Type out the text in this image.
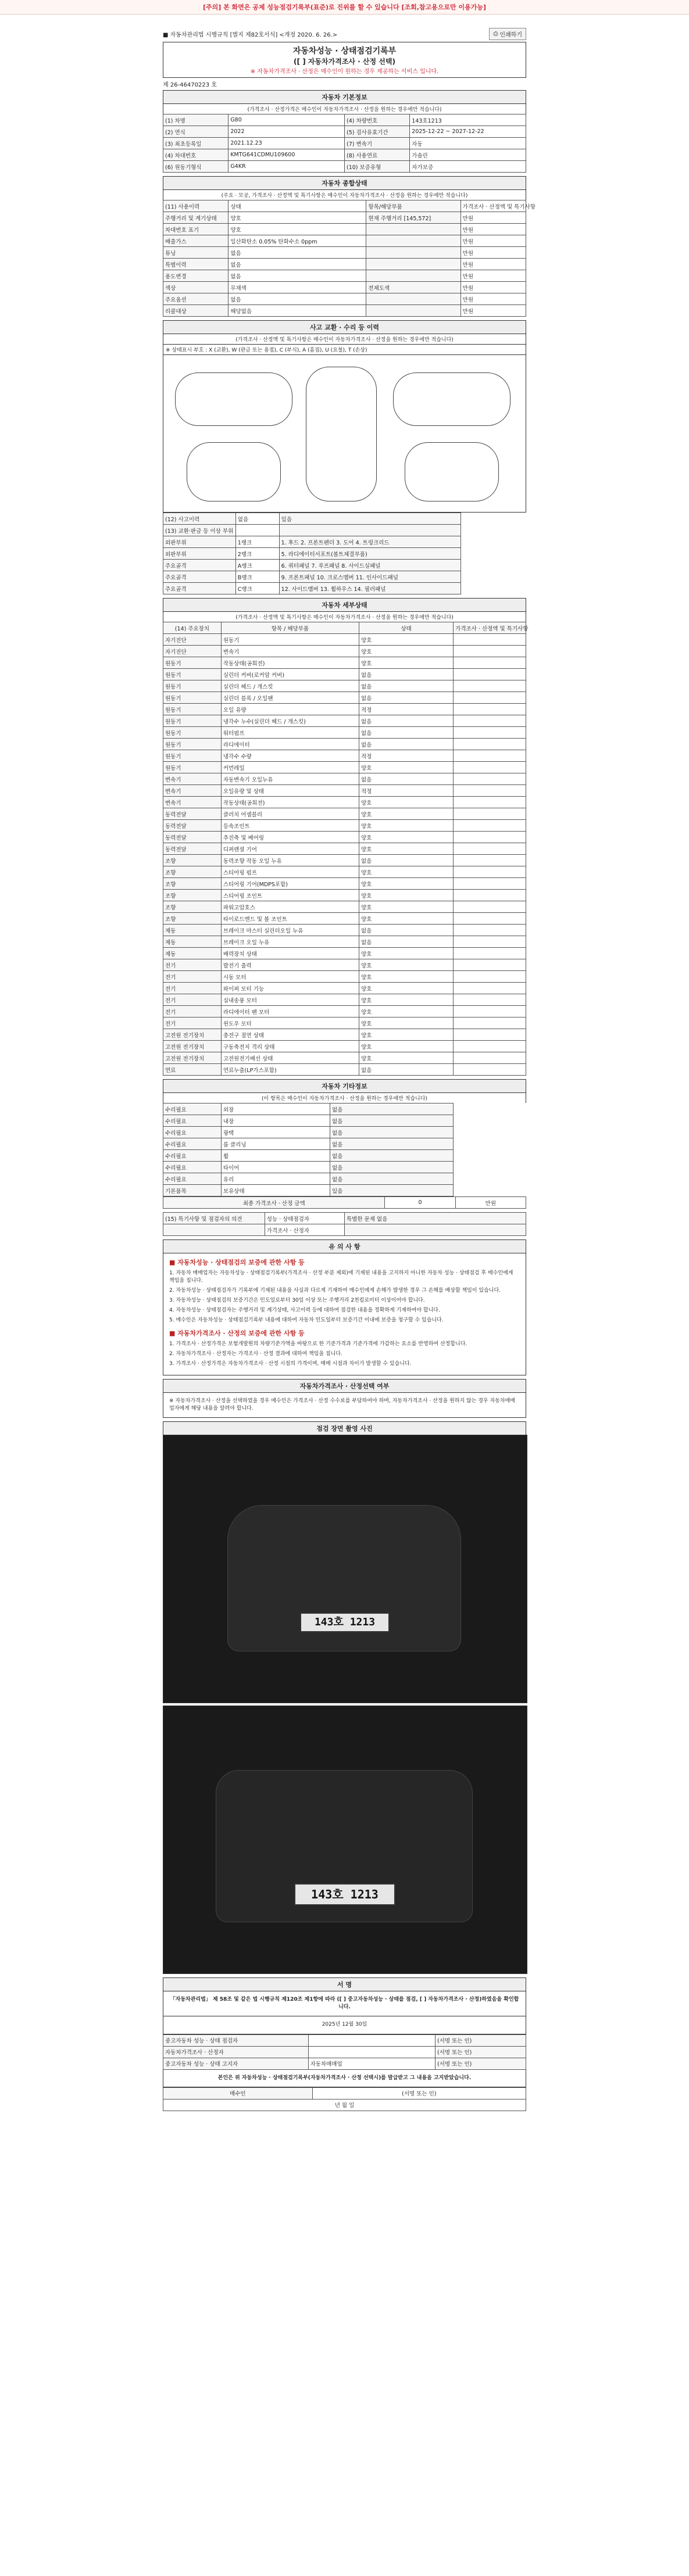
[주의] 본 화면은 공제 성능점검기록부(표준)로 진위를 할 수 있습니다 [조회,참고용으로만 이용가능]
■ 자동차관리법 시행규칙 [별지 제82호서식] <개정 2020. 6. 26.>	⎙ 인쇄하기
자동차성능 · 상태점검기록부
([ ] 자동차가격조사 · 산정 선택)
※ 자동차가격조사 · 산정은 매수인이 원하는 경우 제공하는 서비스 입니다.
제 26-46470223 호
자동차 기본정보
(가격조사 · 산정가격은 매수인이 자동차가격조사 · 산정을 원하는 경우에만 적습니다)
(1) 차명	G80	(4) 차량번호	143호1213
(2) 연식	2022	(5) 검사유효기간	2025-12-22 ~ 2027-12-22
(3) 최초등록일	2021.12.23	(7) 변속기	자동
(4) 차대번호	KMTG641CDMU109600	(8) 사용연료	가솔린
(6) 원동기형식	G4KR	(10) 보증유형	자가보증
자동차 종합상태
(주요 · 모공, 가격조사 · 산정액 및 특기사항은 매수인이 자동차가격조사 · 산정을 원하는 경우에만 적습니다)
(11) 사용이력	상태	항목/해당부품	가격조사 · 산정액 및 특기사항
주행거리 및 계기상태	양호	현재 주행거리 [145,572]	만원
차대번호 표기	양호		만원
배출가스	일산화탄소 0.05% 탄화수소 0ppm		만원
튜닝	없음		만원
특별이력	없음		만원
용도변경	없음		만원
색상	무채색	전체도색	만원
주요옵션	없음		만원
리콜대상	해당없음		만원
사고 교환 · 수리 등 이력
(가격조사 · 산정액 및 특기사항은 매수인이 자동차가격조사 · 산정을 원하는 경우에만 적습니다)
※ 상태표시 부호 : X (교환), W (판금 또는 용접), C (부식), A (흠집), U (요철), T (손상)
(12) 사고이력	없음	있음
(13) 교환·판금 등 이상 부위		
외판부위	1랭크	1. 후드 2. 프론트펜더 3. 도어 4. 트렁크리드
외판부위	2랭크	5. 라디에이터서포트(볼트체결부품)
주요골격	A랭크	6. 쿼터패널 7. 루프패널 8. 사이드실패널
주요골격	B랭크	9. 프론트패널 10. 크로스멤버 11. 인사이드패널
주요골격	C랭크	12. 사이드멤버 13. 휠하우스 14. 필러패널
자동차 세부상태
(가격조사 · 산정액 및 특기사항은 매수인이 자동차가격조사 · 산정을 원하는 경우에만 적습니다)
(14) 주요장치	항목 / 해당부품	상태	가격조사 · 산정액 및 특기사항
자기진단	원동기	양호	
자기진단	변속기	양호	
원동기	작동상태(공회전)	양호	
원동기	실린더 커버(로커암 커버)	없음	
원동기	실린더 헤드 / 개스킷	없음	
원동기	실린더 블록 / 오일팬	없음	
원동기	오일 유량	적정	
원동기	냉각수 누수(실린더 헤드 / 개스킷)	없음	
원동기	워터펌프	없음	
원동기	라디에이터	없음	
원동기	냉각수 수량	적정	
원동기	커먼레일	양호	
변속기	자동변속기 오일누유	없음	
변속기	오일유량 및 상태	적정	
변속기	작동상태(공회전)	양호	
동력전달	클러치 어셈블리	양호	
동력전달	등속조인트	양호	
동력전달	추진축 및 베어링	양호	
동력전달	디퍼렌셜 기어	양호	
조향	동력조향 작동 오일 누유	없음	
조향	스티어링 펌프	양호	
조향	스티어링 기어(MDPS포함)	양호	
조향	스티어링 조인트	양호	
조향	파워고압호스	양호	
조향	타이로드엔드 및 볼 조인트	양호	
제동	브레이크 마스터 실린더오일 누유	없음	
제동	브레이크 오일 누유	없음	
제동	배력장치 상태	양호	
전기	발전기 출력	양호	
전기	시동 모터	양호	
전기	와이퍼 모터 기능	양호	
전기	실내송풍 모터	양호	
전기	라디에이터 팬 모터	양호	
전기	윈도우 모터	양호	
고전원 전기장치	충전구 절연 상태	양호	
고전원 전기장치	구동축전지 격리 상태	양호	
고전원 전기장치	고전원전기배선 상태	양호	
연료	연료누출(LP가스포함)	없음	
자동차 기타정보
(이 항목은 매수인이 자동차가격조사 · 산정을 원하는 경우에만 적습니다)
수리필요	외장	없음
수리필요	내장	없음
수리필요	광택	없음
수리필요	룸 클리닝	없음
수리필요	휠	없음
수리필요	타이어	없음
수리필요	유리	없음
기본품목	보유상태	있음
최종 가격조사 · 산정 금액	0	만원
(15) 특기사항 및 점검자의 의견	성능 · 상태점검자	특별한 문제 없음
	가격조사 · 산정자	
유 의 사 항
■ 자동차성능 · 상태점검의 보증에 관한 사항 등

1. 자동차 매매업자는 자동차성능 · 상태점검기록부(가격조사 · 산정 부분 제외)에 기재된 내용을 고지하지 아니한 자동차 성능 · 상태점검 후 매수인에게 책임을 집니다.

2. 자동차성능 · 상태점검자가 기록부에 기재된 내용을 사실과 다르게 기재하여 매수인에게 손해가 발생한 경우 그 손해를 배상할 책임이 있습니다.

3. 자동차성능 · 상태점검의 보증기간은 인도일로부터 30일 이상 또는 주행거리 2천킬로미터 이상이어야 합니다.

4. 자동차성능 · 상태점검자는 주행거리 및 계기상태, 사고이력 등에 대하여 점검한 내용을 정확하게 기재하여야 합니다.

5. 매수인은 자동차성능 · 상태점검기록부 내용에 대하여 자동차 인도일부터 보증기간 이내에 보증을 청구할 수 있습니다.

■ 자동차가격조사 · 산정의 보증에 관한 사항 등

1. 가격조사 · 산정가격은 보험개발원의 차량기준가액을 바탕으로 한 기준가격과 기준가격에 가감하는 요소를 반영하여 산정합니다.

2. 자동차가격조사 · 산정자는 가격조사 · 산정 결과에 대하여 책임을 집니다.

3. 가격조사 · 산정가격은 자동차가격조사 · 산정 시점의 가격이며, 매매 시점과 차이가 발생할 수 있습니다.

자동차가격조사 · 산정선택 여부
※ 자동차가격조사 · 산정을 선택하였을 경우 매수인은 가격조사 · 산정 수수료를 부담하여야 하며, 자동차가격조사 · 산정을 원하지 않는 경우 자동차매매업자에게 해당 내용을 알려야 합니다.
점검 장면 촬영 사진
143호 1213
143호 1213
서 명
「자동차관리법」 제 58조 및 같은 법 시행규칙 제120조 제1항에 따라 ([ ] 중고자동차성능 · 상태를 점검, [ ] 자동차가격조사 · 산정)하였음을 확인합니다.
2025년 12월 30일
중고자동차 성능 · 상태 점검자		(서명 또는 인)
자동차가격조사 · 산정자		(서명 또는 인)
중고자동차 성능 · 상태 고지자	자동차매매업	(서명 또는 인)
본인은 위 자동차성능 · 상태점검기록부(자동차가격조사 · 산정 선택시)를 발급받고 그 내용을 고지받았습니다.
매수인	(서명 또는 인)
년 월 일
